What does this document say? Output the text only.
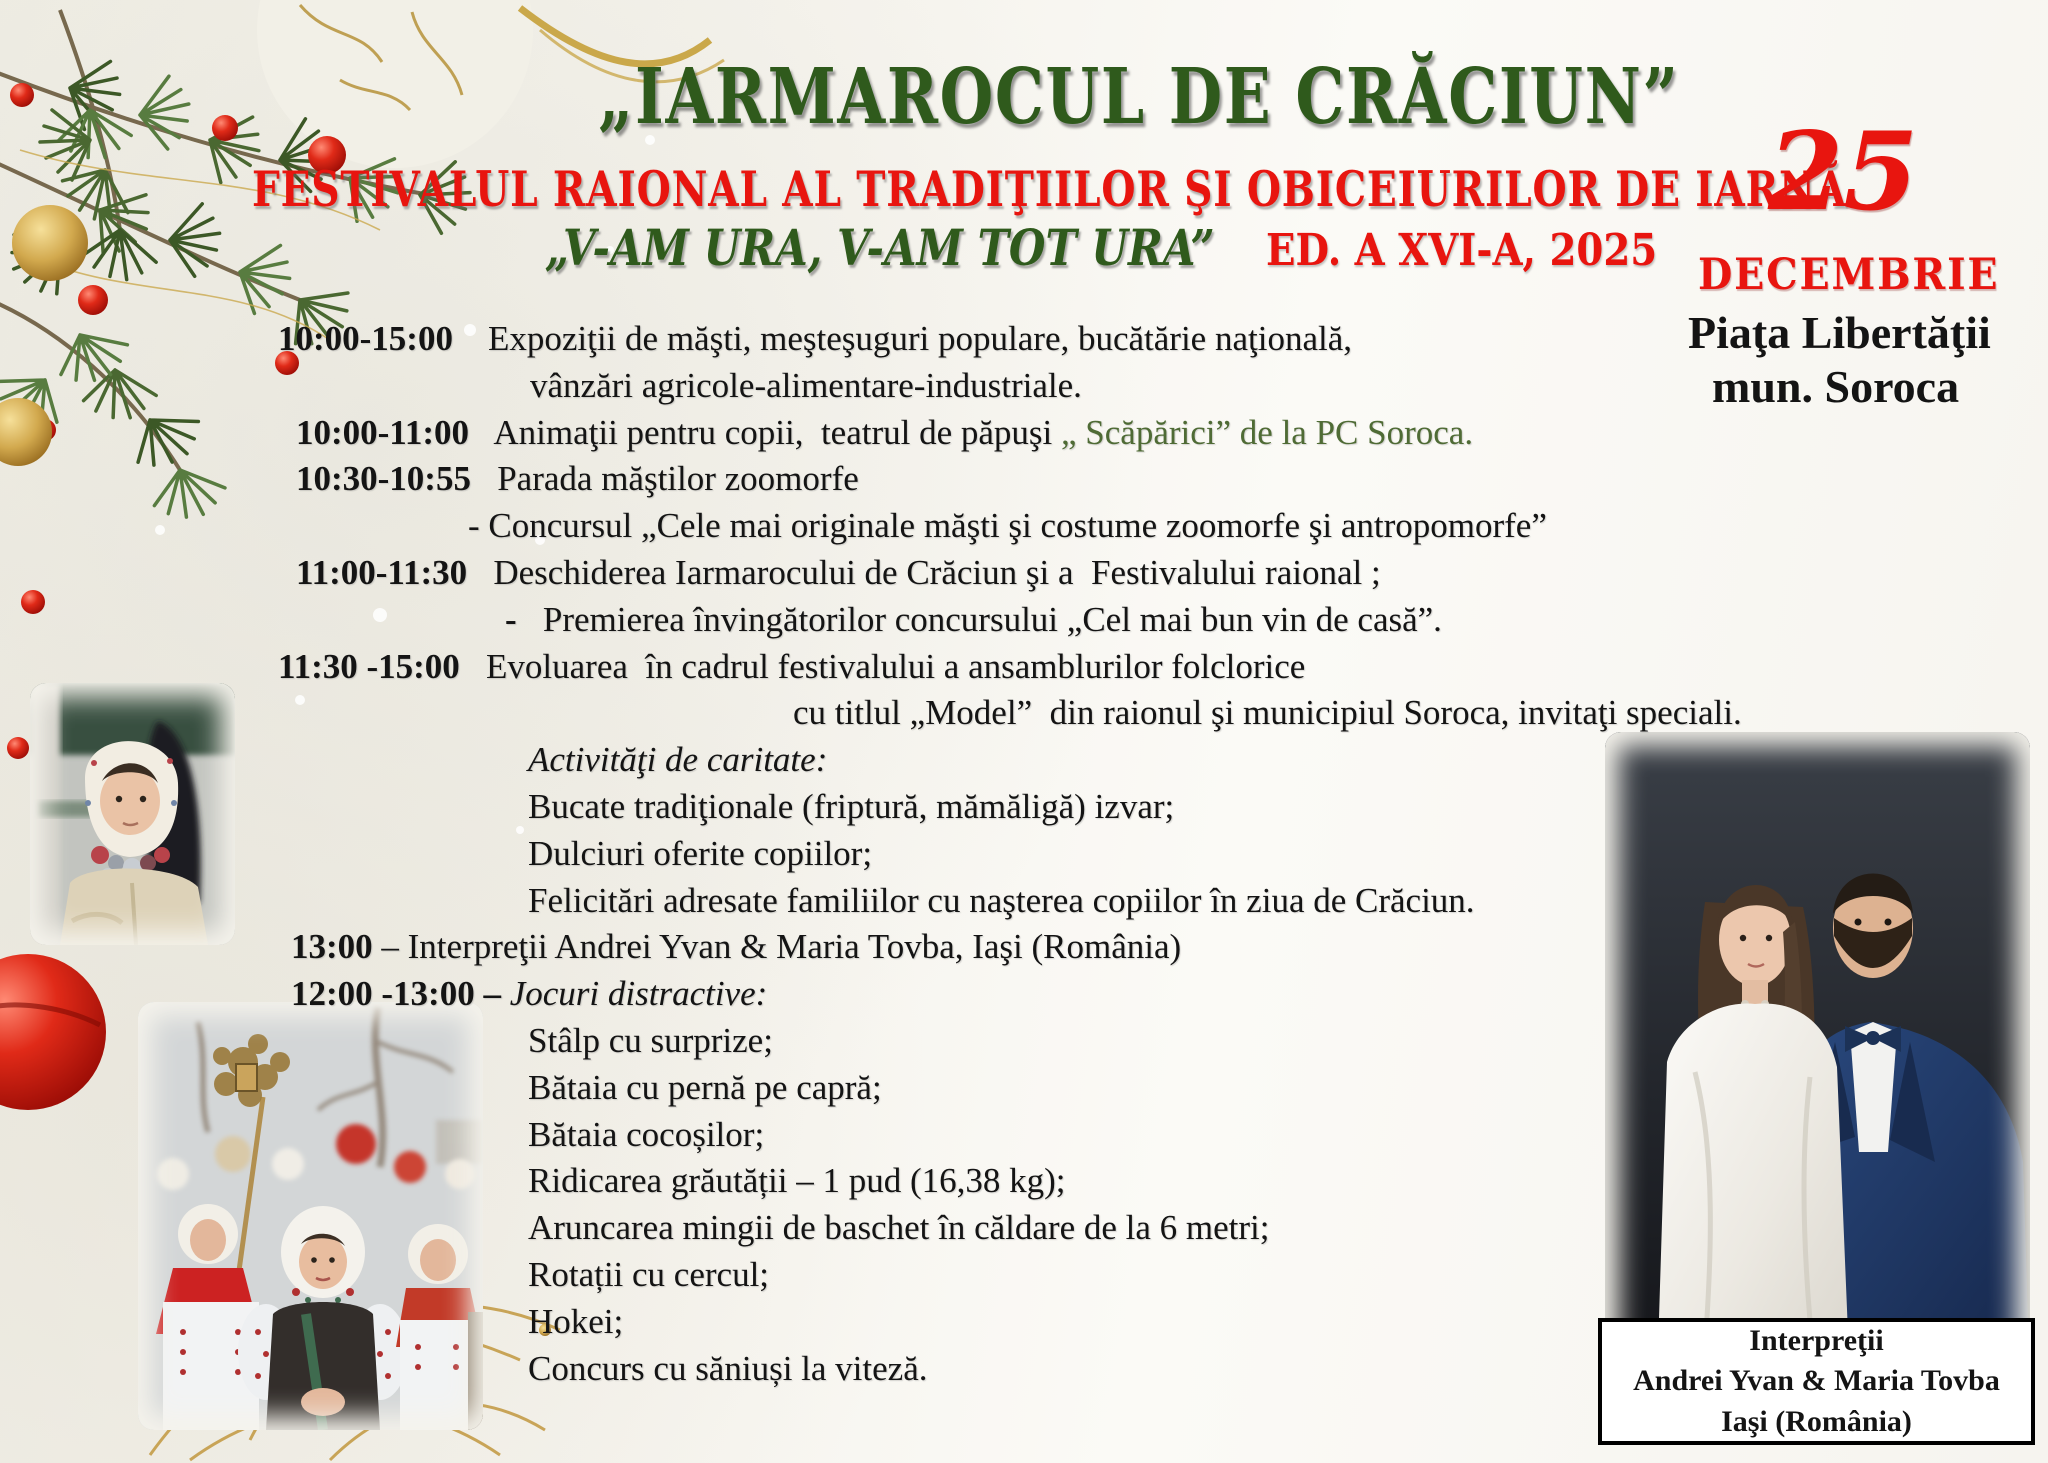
„IARMAROCUL DE CRĂCIUN”
FESTIVALUL RAIONAL AL TRADIŢIILOR ŞI OBICEIURILOR DE IARNĂ
„V-AM URA, V-AM TOT URA” ED. A XVI-A, 2025
25
DECEMBRIE
Piaţa Libertăţii
mun. Soroca
10:00-15:00    Expoziţii de măşti, meşteşuguri populare, bucătărie naţională,
vânzări agricole-alimentare-industriale.
10:00-11:00   Animaţii pentru copii,  teatrul de păpuşi „ Scăpărici” de la PC Soroca.
10:30-10:55   Parada măştilor zoomorfe
- Concursul „Cele mai originale măşti şi costume zoomorfe şi antropomorfe”
11:00-11:30   Deschiderea Iarmarocului de Crăciun şi a  Festivalului raional ;
-   Premierea învingătorilor concursului „Cel mai bun vin de casă”.
11:30 -15:00   Evoluarea  în cadrul festivalului a ansamblurilor folclorice
cu titlul „Model”  din raionul şi municipiul Soroca, invitaţi speciali.
Activităţi de caritate:
Bucate tradiţionale (friptură, mămăligă) izvar;
Dulciuri oferite copiilor;
Felicitări adresate familiilor cu naşterea copiilor în ziua de Crăciun.
13:00 – Interpreţii Andrei Yvan & Maria Tovba, Iaşi (România)
12:00 -13:00 – Jocuri distractive:
Stâlp cu surprize;
Bătaia cu pernă pe capră;
Bătaia cocoșilor;
Ridicarea grăutății – 1 pud (16,38 kg);
Aruncarea mingii de baschet în căldare de la 6 metri;
Rotații cu cercul;
Hokei;
Concurs cu săniuși la viteză.
Interpreţii
Andrei Yvan & Maria Tovba
Iaşi (România)
